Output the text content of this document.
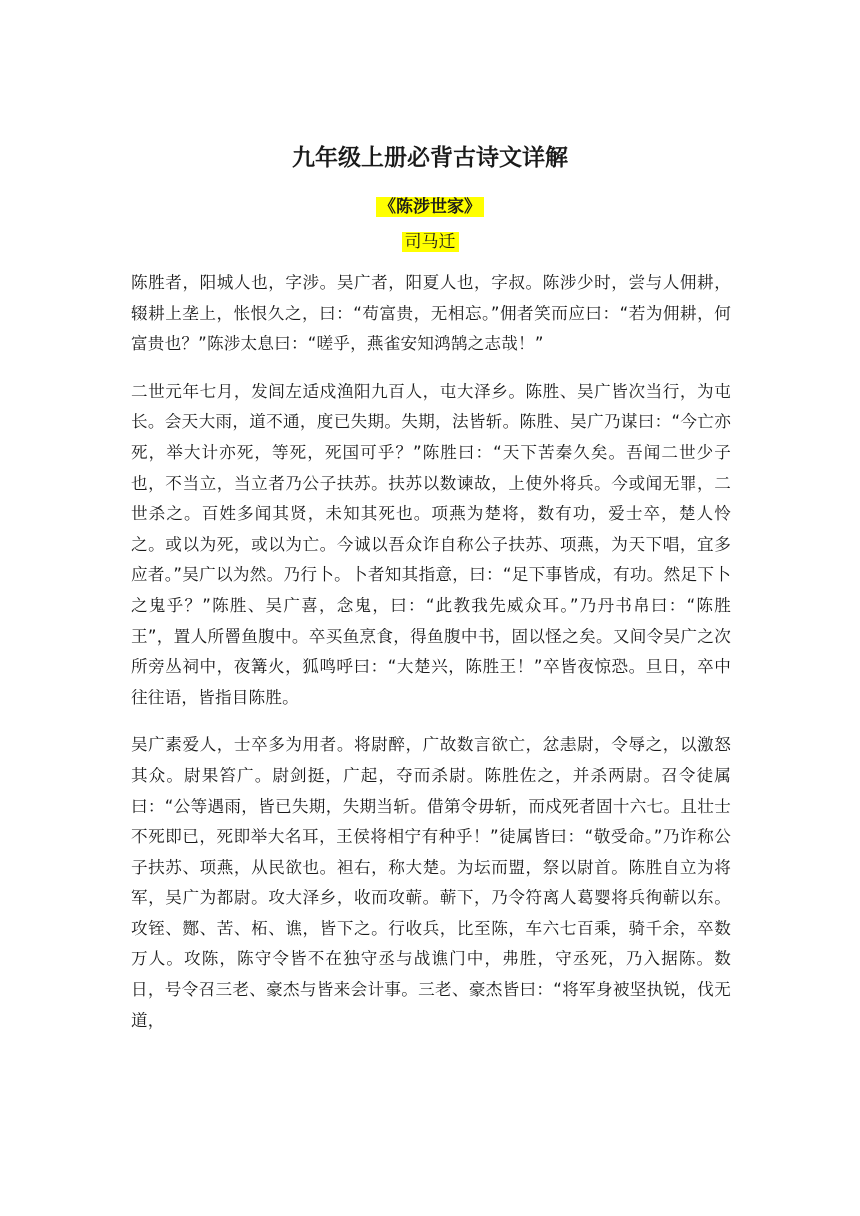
九年级上册必背古诗文详解
《陈涉世家》
司马迁

陈胜者，阳城人也，字涉。吴广者，阳夏人也，字叔。陈涉少时，尝与人佣耕，辍耕上垄上，怅恨久之，曰：“苟富贵，无相忘。”佣者笑而应曰：“若为佣耕，何富贵也？”陈涉太息曰：“嗟乎，燕雀安知鸿鹄之志哉！”

二世元年七月，发闾左适戍渔阳九百人，屯大泽乡。陈胜、吴广皆次当行，为屯长。会天大雨，道不通，度已失期。失期，法皆斩。陈胜、吴广乃谋曰：“今亡亦死，举大计亦死，等死，死国可乎？”陈胜曰：“天下苦秦久矣。吾闻二世少子也，不当立，当立者乃公子扶苏。扶苏以数谏故，上使外将兵。今或闻无罪，二世杀之。百姓多闻其贤，未知其死也。项燕为楚将，数有功，爱士卒，楚人怜之。或以为死，或以为亡。今诚以吾众诈自称公子扶苏、项燕，为天下唱，宜多应者。”吴广以为然。乃行卜。卜者知其指意，曰：“足下事皆成，有功。然足下卜之鬼乎？”陈胜、吴广喜，念鬼，曰：“此教我先威众耳。”乃丹书帛曰：“陈胜王”，置人所罾鱼腹中。卒买鱼烹食，得鱼腹中书，固以怪之矣。又间令吴广之次所旁丛祠中，夜篝火，狐鸣呼曰：“大楚兴，陈胜王！”卒皆夜惊恐。旦日，卒中往往语，皆指目陈胜。

吴广素爱人，士卒多为用者。将尉醉，广故数言欲亡，忿恚尉，令辱之，以激怒其众。尉果笞广。尉剑挺，广起，夺而杀尉。陈胜佐之，并杀两尉。召令徒属曰：“公等遇雨，皆已失期，失期当斩。借第令毋斩，而戍死者固十六七。且壮士不死即已，死即举大名耳，王侯将相宁有种乎！”徒属皆曰：“敬受命。”乃诈称公子扶苏、项燕，从民欲也。袒右，称大楚。为坛而盟，祭以尉首。陈胜自立为将军，吴广为都尉。攻大泽乡，收而攻蕲。蕲下，乃令符离人葛婴将兵徇蕲以东。攻铚、酂、苦、柘、谯，皆下之。行收兵，比至陈，车六七百乘，骑千余，卒数万人。攻陈，陈守令皆不在独守丞与战谯门中，弗胜，守丞死，乃入据陈。数日，号令召三老、豪杰与皆来会计事。三老、豪杰皆曰：“将军身被坚执锐，伐无道，
